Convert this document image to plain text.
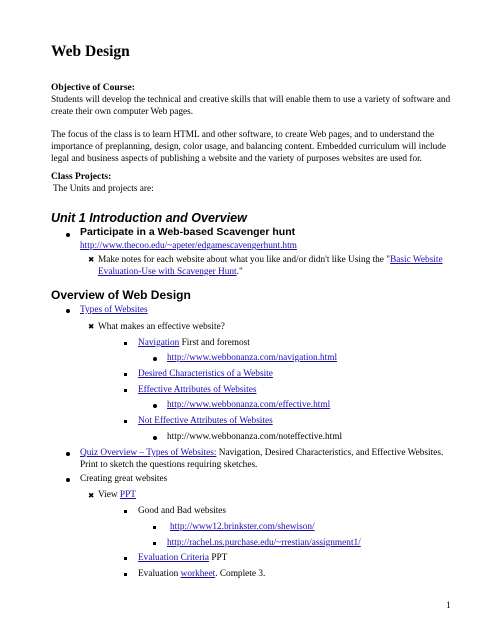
Web Design
Objective of Course:
Students will develop the technical and creative skills that will enable them to use a variety of software and
create their own computer Web pages.
The focus of the class is to learn HTML and other software, to create Web pages, and to understand the
importance of preplanning, design, color usage, and balancing content. Embedded curriculum will include
legal and business aspects of publishing a website and the variety of purposes websites are used for.
Class Projects:
The Units and projects are:
Unit 1 Introduction and Overview
Participate in a Web-based Scavenger hunt
http://www.thecoo.edu/~apeter/edgamescavengerhunt.htm
✖ Make notes for each website about what you like and/or didn't like Using the "Basic Website
Evaluation-Use with Scavenger Hunt."
Overview of Web Design
Types of Websites
✖ What makes an effective website?
Navigation First and foremost
http://www.webbonanza.com/navigation.html
Desired Characteristics of a Website
Effective Attributes of Websites
http://www.webbonanza.com/effective.html
Not Effective Attributes of Websites
http://www.webbonanza.com/noteffective.html
Quiz Overview – Types of Websites: Navigation, Desired Characteristics, and Effective Websites.
Print to sketch the questions requiring sketches.
Creating great websites
✖ View PPT
Good and Bad websites
http://www12.brinkster.com/shewison/
http://rachel.ns.purchase.edu/~rrestian/assignment1/
Evaluation Criteria PPT
Evaluation workheet. Complete 3.
1
